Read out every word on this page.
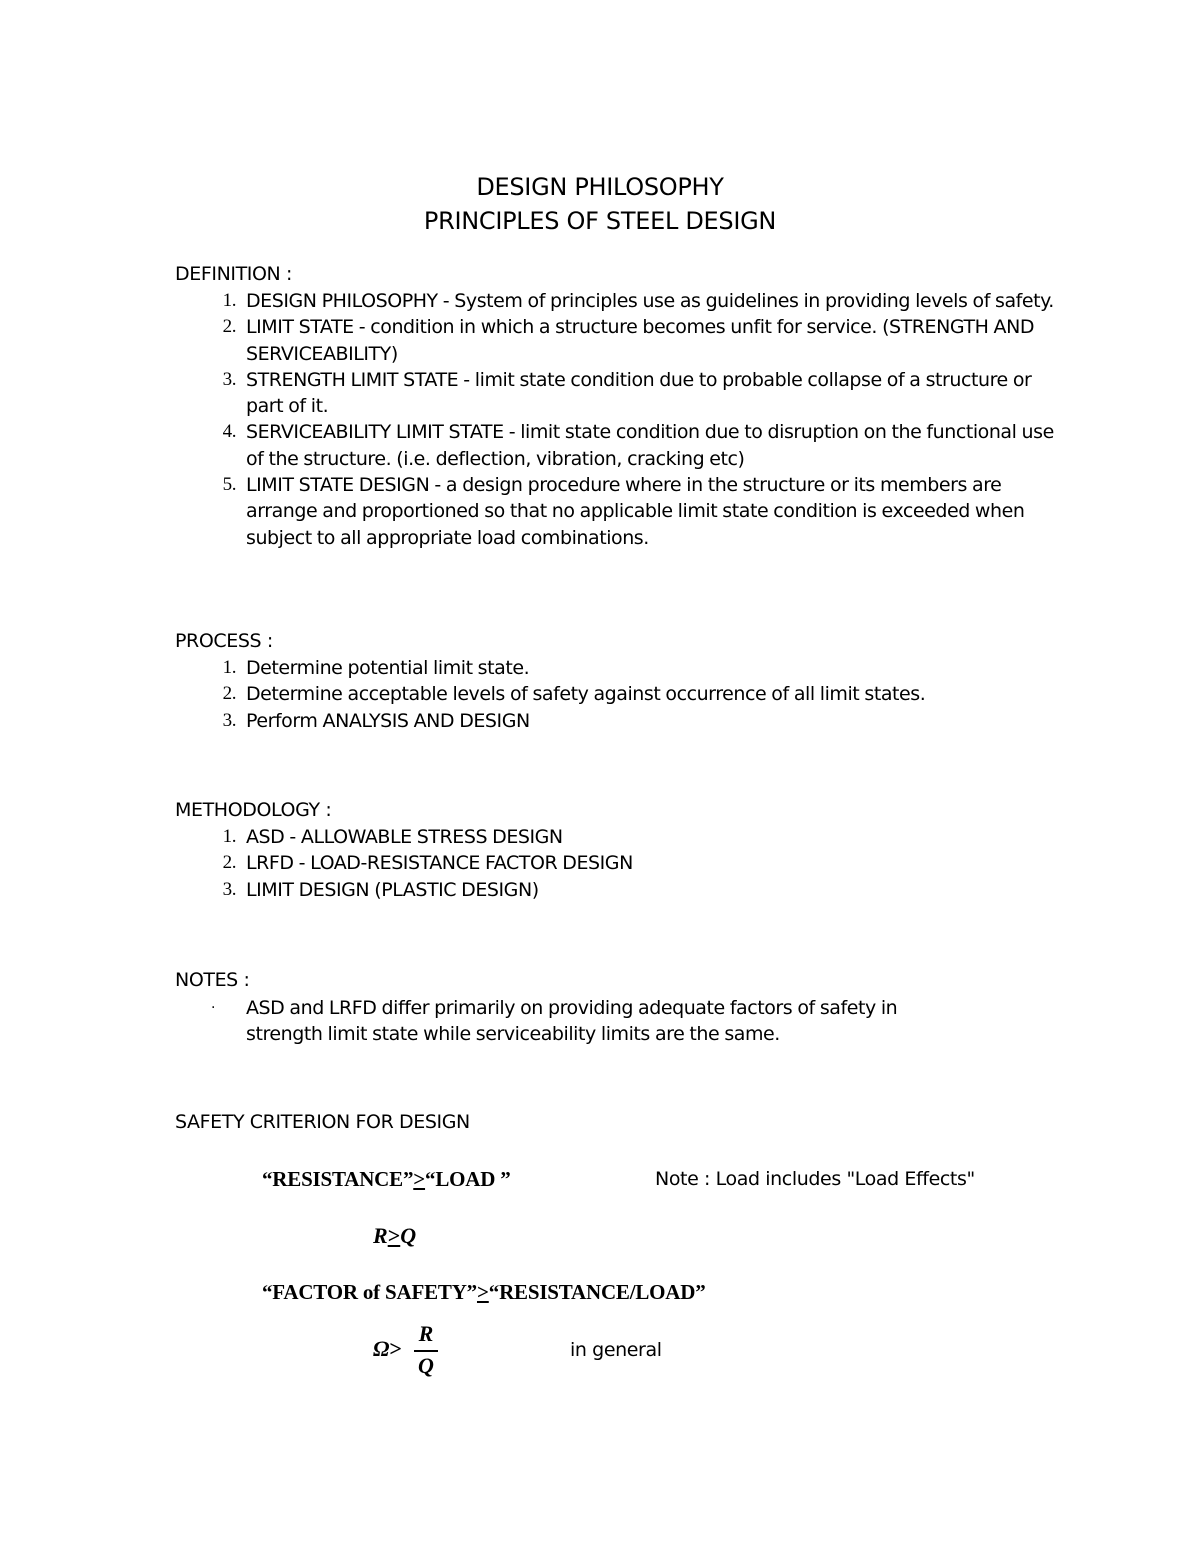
DESIGN PHILOSOPHY
PRINCIPLES OF STEEL DESIGN
DEFINITION :
1. DESIGN PHILOSOPHY - System of principles use as guidelines in providing levels of safety.
2. LIMIT STATE - condition in which a structure becomes unfit for service. (STRENGTH AND SERVICEABILITY)
3. STRENGTH LIMIT STATE - limit state condition due to probable collapse of a structure or part of it.
4. SERVICEABILITY LIMIT STATE - limit state condition due to disruption on the functional use of the structure. (i.e. deflection, vibration, cracking etc)
5. LIMIT STATE DESIGN - a design procedure where in the structure or its members are arrange and proportioned so that no applicable limit state condition is exceeded when subject to all appropriate load combinations.
PROCESS :
1. Determine potential limit state.
2. Determine acceptable levels of safety against occurrence of all limit states.
3. Perform ANALYSIS AND DESIGN
METHODOLOGY :
1. ASD - ALLOWABLE STRESS DESIGN
2. LRFD - LOAD-RESISTANCE FACTOR DESIGN
3. LIMIT DESIGN (PLASTIC DESIGN)
NOTES :
· ASD and LRFD differ primarily on providing adequate factors of safety in strength limit state while serviceability limits are the same.
SAFETY CRITERION FOR DESIGN
“RESISTANCE”>“LOAD ”	Note : Load includes "Load Effects"
R≥Q
“FACTOR of SAFETY”>“RESISTANCE/LOAD”
Ω>
R
Q
in general
